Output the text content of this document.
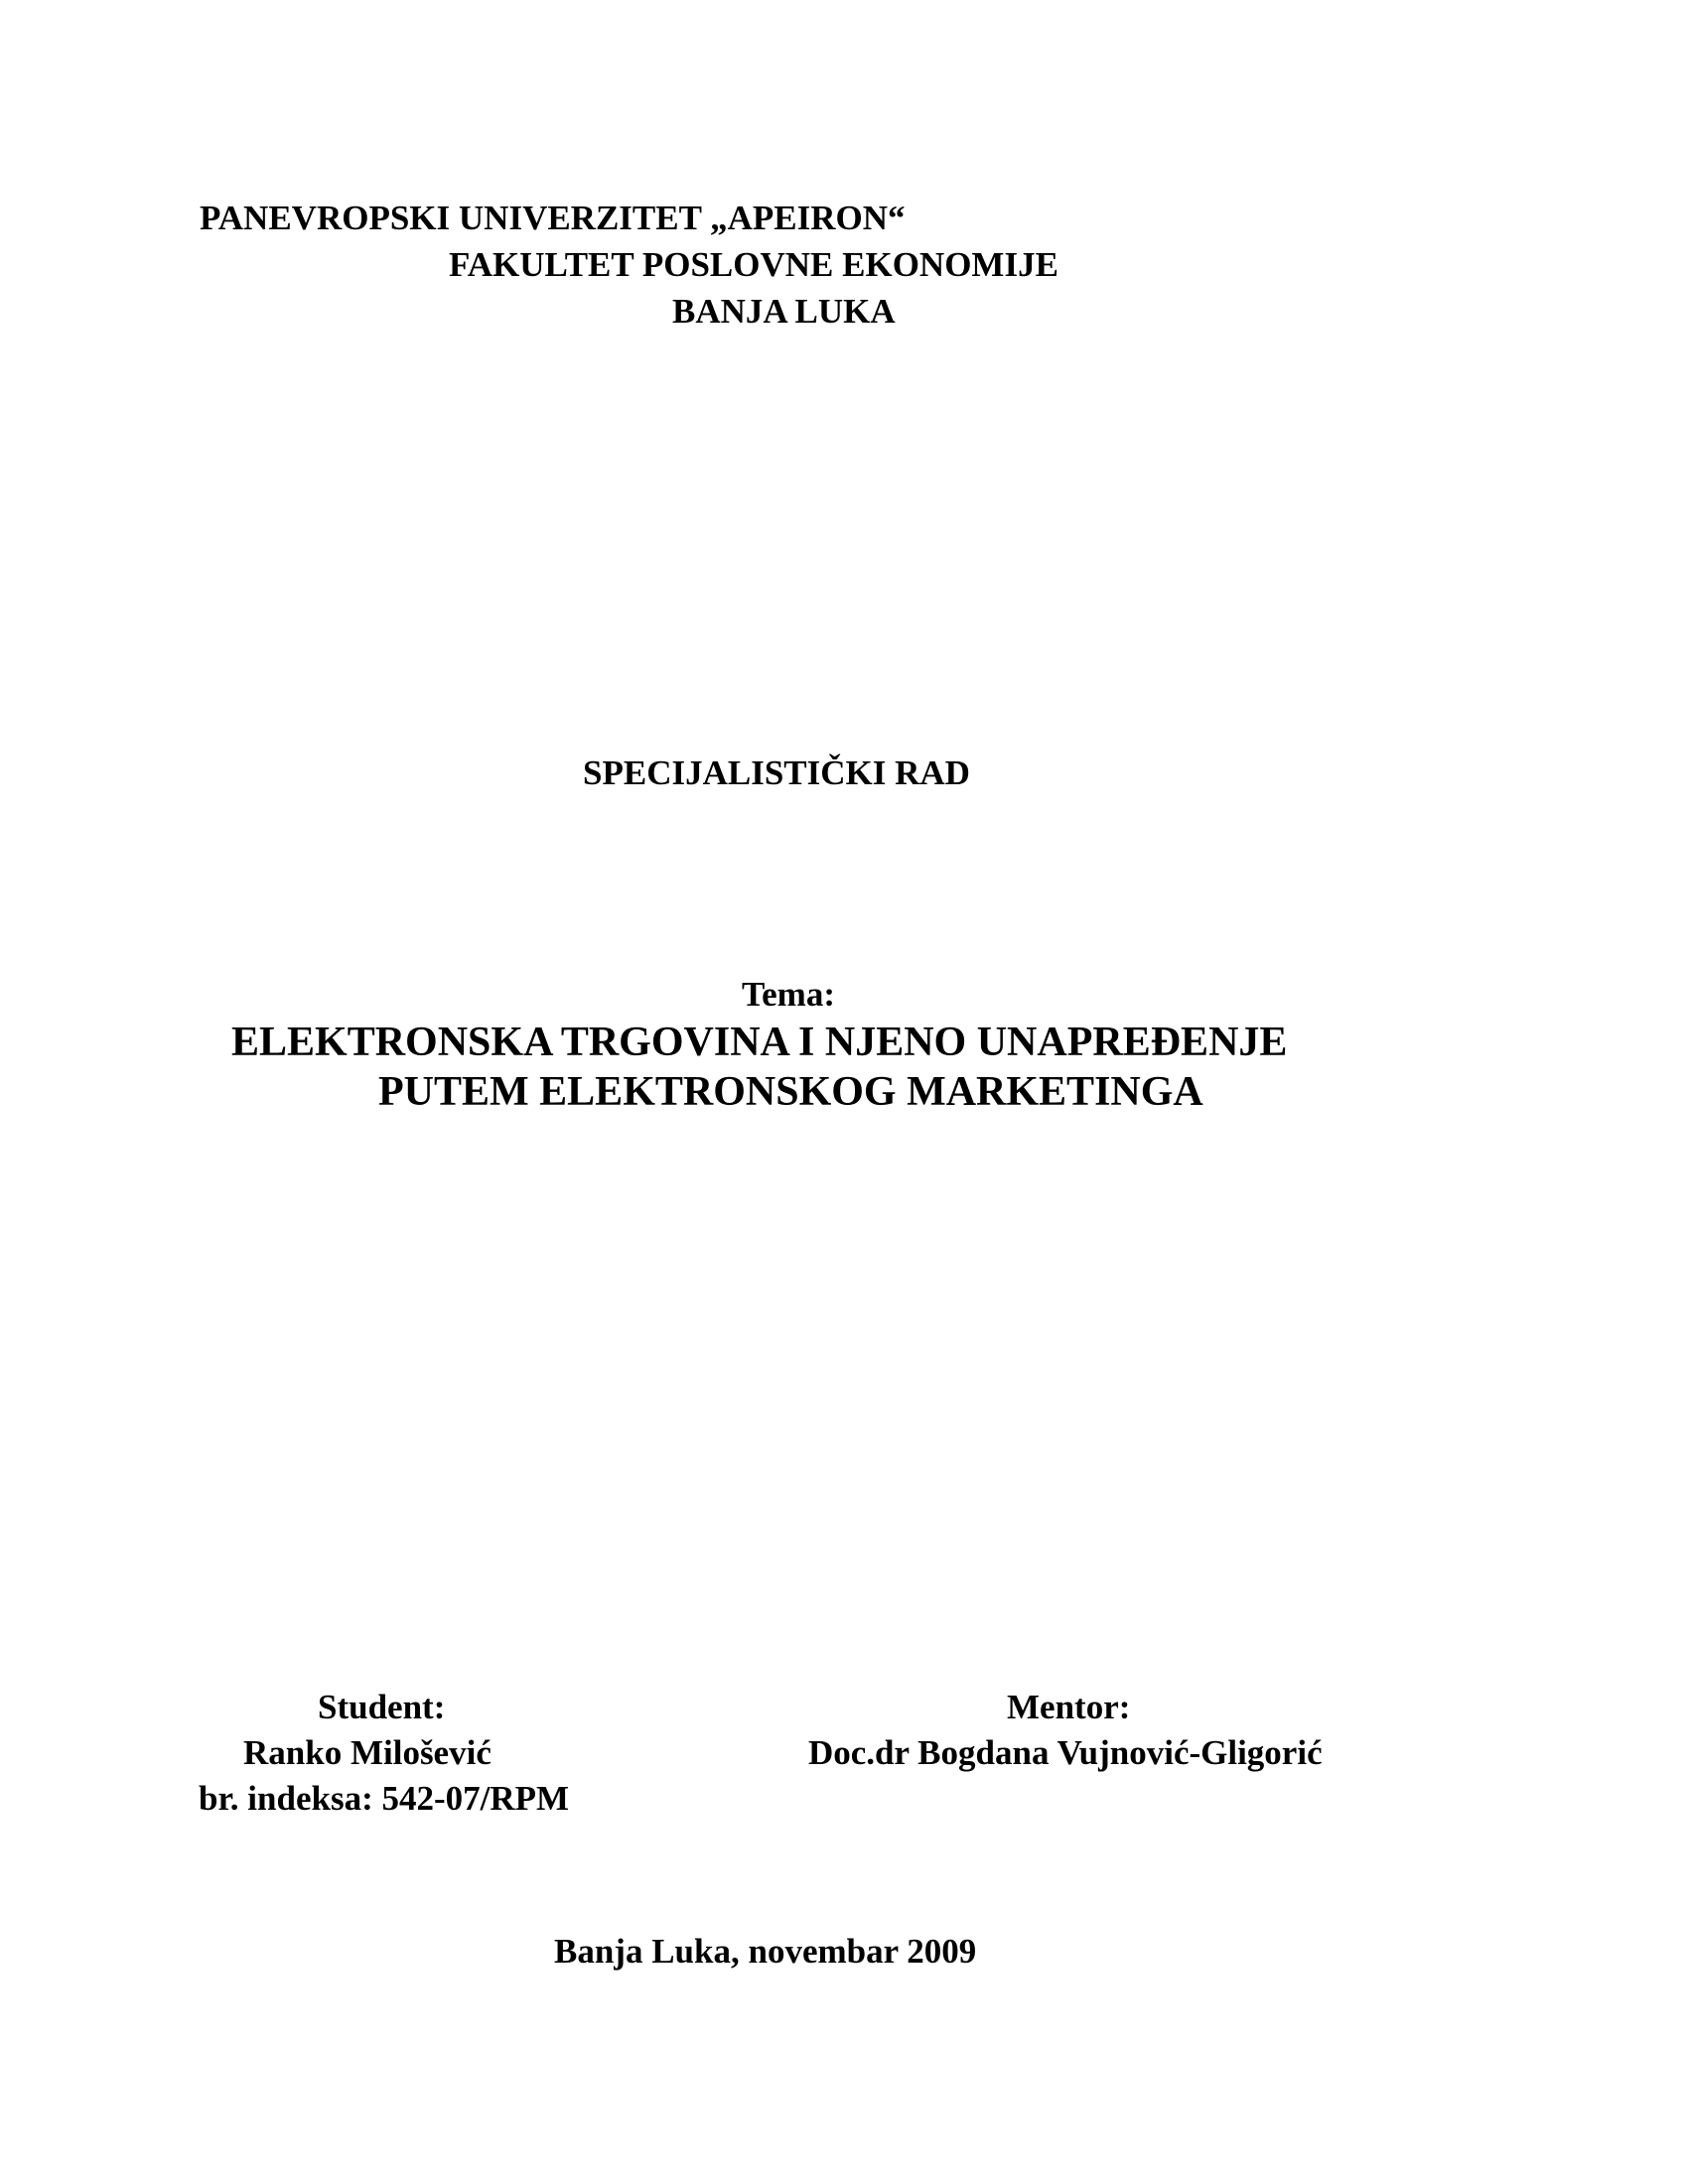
PANEVROPSKI UNIVERZITET „APEIRON“
FAKULTET POSLOVNE EKONOMIJE
BANJA LUKA
SPECIJALISTIČKI RAD
Tema:
ELEKTRONSKA TRGOVINA I NJENO UNAPREĐENJE
PUTEM ELEKTRONSKOG MARKETINGA
Student:
Ranko Milošević
br. indeksa: 542-07/RPM
Mentor:
Doc.dr Bogdana Vujnović-Gligorić
Banja Luka, novembar 2009
